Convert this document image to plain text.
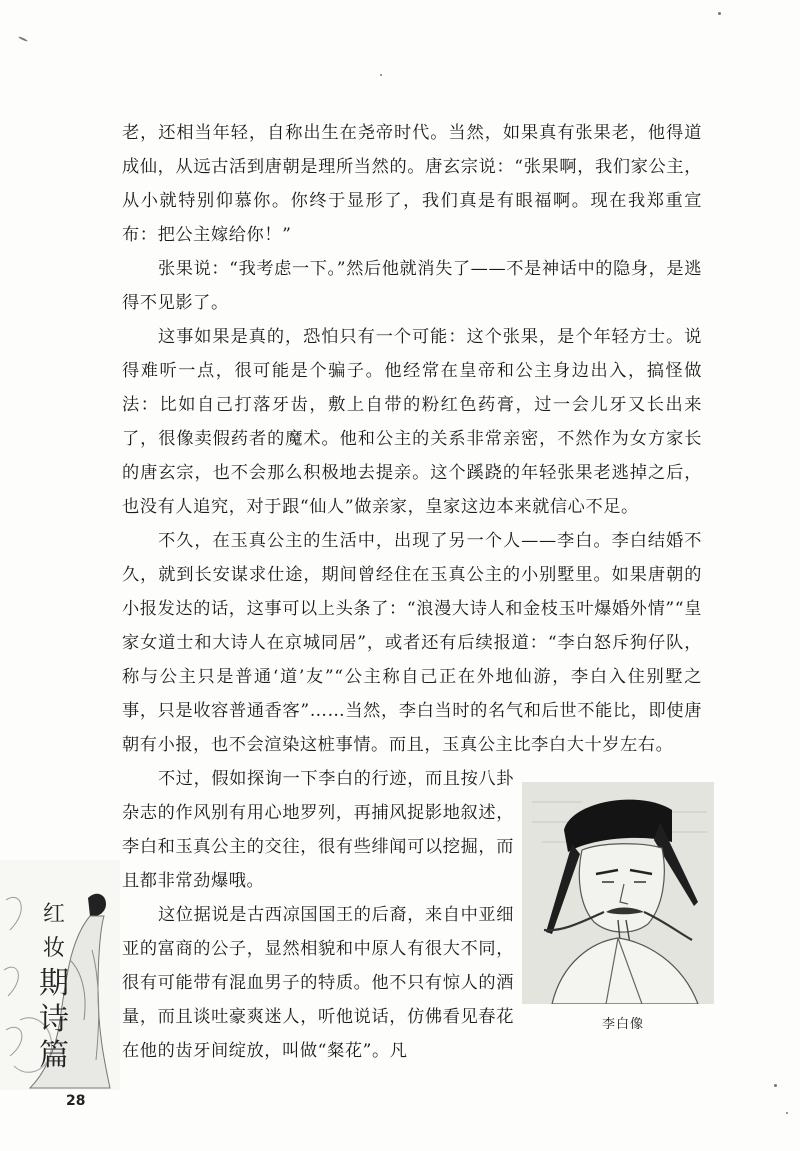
老，还相当年轻，自称出生在尧帝时代。当然，如果真有张果老，他得道成仙，从远古活到唐朝是理所当然的。唐玄宗说：“张果啊，我们家公主，从小就特别仰慕你。你终于显形了，我们真是有眼福啊。现在我郑重宣布：把公主嫁给你！”

张果说：“我考虑一下。”然后他就消失了——不是神话中的隐身，是逃得不见影了。

这事如果是真的，恐怕只有一个可能：这个张果，是个年轻方士。说得难听一点，很可能是个骗子。他经常在皇帝和公主身边出入，搞怪做法：比如自己打落牙齿，敷上自带的粉红色药膏，过一会儿牙又长出来了，很像卖假药者的魔术。他和公主的关系非常亲密，不然作为女方家长的唐玄宗，也不会那么积极地去提亲。这个蹊跷的年轻张果老逃掉之后，也没有人追究，对于跟“仙人”做亲家，皇家这边本来就信心不足。

不久，在玉真公主的生活中，出现了另一个人——李白。李白结婚不久，就到长安谋求仕途，期间曾经住在玉真公主的小别墅里。如果唐朝的小报发达的话，这事可以上头条了：“浪漫大诗人和金枝玉叶爆婚外情”“皇家女道士和大诗人在京城同居”，或者还有后续报道：“李白怒斥狗仔队，称与公主只是普通‘道’友”“公主称自己正在外地仙游，李白入住别墅之事，只是收容普通香客”……当然，李白当时的名气和后世不能比，即使唐朝有小报，也不会渲染这桩事情。而且，玉真公主比李白大十岁左右。

不过，假如探询一下李白的行迹，而且按八卦杂志的作风别有用心地罗列，再捕风捉影地叙述，李白和玉真公主的交往，很有些绯闻可以挖掘，而且都非常劲爆哦。

这位据说是古西凉国国王的后裔，来自中亚细亚的富商的公子，显然相貌和中原人有很大不同，很有可能带有混血男子的特质。他不只有惊人的酒量，而且谈吐豪爽迷人，听他说话，仿佛看见春花在他的齿牙间绽放，叫做“粲花”。凡

李白像
红
妆
期
诗
篇
28
